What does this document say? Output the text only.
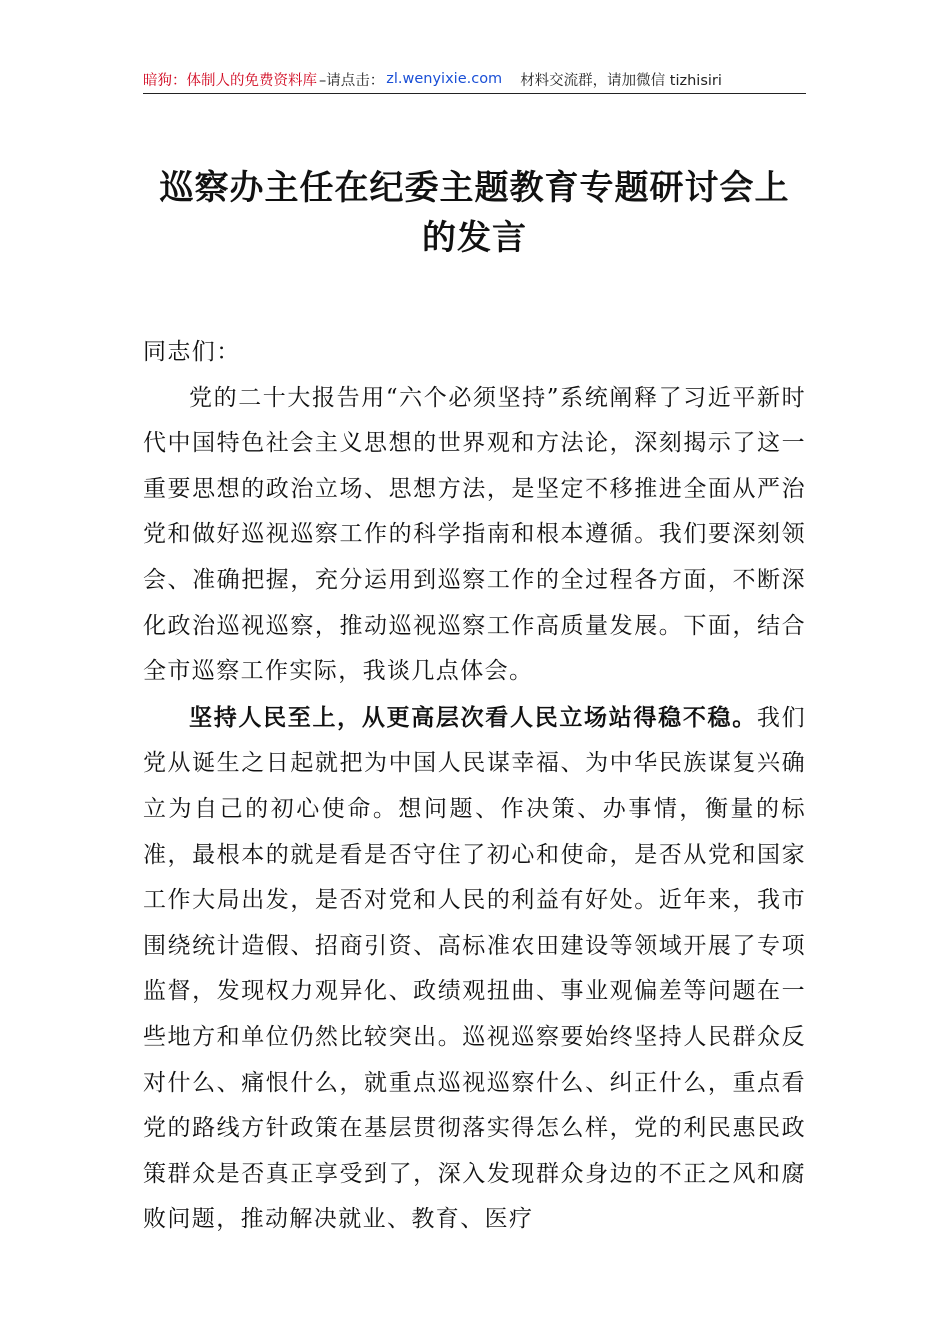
暗狗：体制人的免费资料库 –请点击： zl.wenyixie.com 材料交流群，请加微信 tizhisiri
巡察办主任在纪委主题教育专题研讨会上
的发言

同志们：

党的二十大报告用“六个必须坚持”系统阐释了习近平新时代中国特色社会主义思想的世界观和方法论，深刻揭示了这一重要思想的政治立场、思想方法，是坚定不移推进全面从严治党和做好巡视巡察工作的科学指南和根本遵循。我们要深刻领会、准确把握，充分运用到巡察工作的全过程各方面，不断深化政治巡视巡察，推动巡视巡察工作高质量发展。下面，结合全市巡察工作实际，我谈几点体会。

坚持人民至上，从更高层次看人民立场站得稳不稳。我们党从诞生之日起就把为中国人民谋幸福、为中华民族谋复兴确立为自己的初心使命。想问题、作决策、办事情，衡量的标准，最根本的就是看是否守住了初心和使命，是否从党和国家工作大局出发，是否对党和人民的利益有好处。近年来，我市围绕统计造假、招商引资、高标准农田建设等领域开展了专项监督，发现权力观异化、政绩观扭曲、事业观偏差等问题在一些地方和单位仍然比较突出。巡视巡察要始终坚持人民群众反对什么、痛恨什么，就重点巡视巡察什么、纠正什么，重点看党的路线方针政策在基层贯彻落实得怎么样，党的利民惠民政策群众是否真正享受到了，深入发现群众身边的不正之风和腐败问题，推动解决就业、教育、医疗
